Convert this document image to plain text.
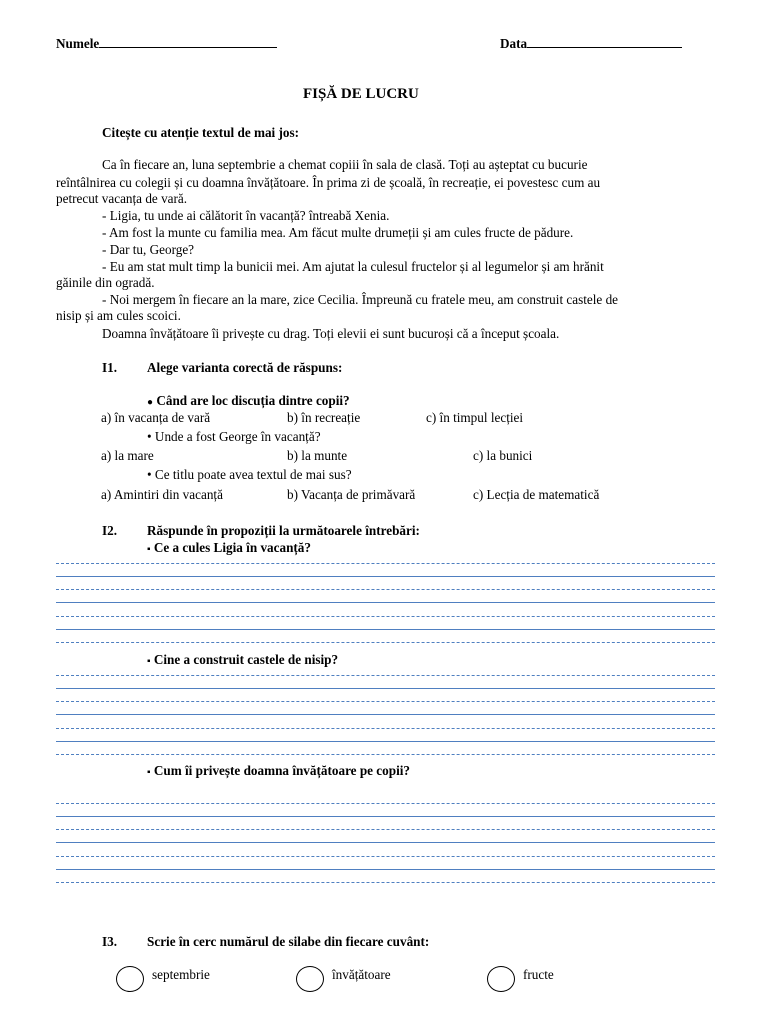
Numele	Data
FIȘĂ DE LUCRU
Citește cu atenție textul de mai jos:
Ca în fiecare an, luna septembrie a chemat copiii în sala de clasă. Toți au așteptat cu bucurie
reîntâlnirea cu colegii și cu doamna învățătoare. În prima zi de școală, în recreație, ei povestesc cum au
petrecut vacanța de vară.
- Ligia, tu unde ai călătorit în vacanță? întreabă Xenia.
- Am fost la munte cu familia mea. Am făcut multe drumeții și am cules fructe de pădure.
- Dar tu, George?
- Eu am stat mult timp la bunicii mei. Am ajutat la culesul fructelor și al legumelor și am hrănit
găinile din ogradă.
- Noi mergem în fiecare an la mare, zice Cecilia. Împreună cu fratele meu, am construit castele de
nisip și am cules scoici.
Doamna învățătoare îi privește cu drag. Toți elevii ei sunt bucuroși că a început școala.
I1. Alege varianta corectă de răspuns:
● Când are loc discuția dintre copii?
a) în vacanța de vară	b) în recreație	c) în timpul lecției
• Unde a fost George în vacanță?
a) la mare	b) la munte	c) la bunici
• Ce titlu poate avea textul de mai sus?
a) Amintiri din vacanță	b) Vacanța de primăvară	c) Lecția de matematică
I2. Răspunde în propoziții la următoarele întrebări:
▪ Ce a cules Ligia în vacanță?
▪ Cine a construit castele de nisip?
▪ Cum îi privește doamna învățătoare pe copii?
I3. Scrie în cerc numărul de silabe din fiecare cuvânt:
septembrie	învățătoare	fructe
